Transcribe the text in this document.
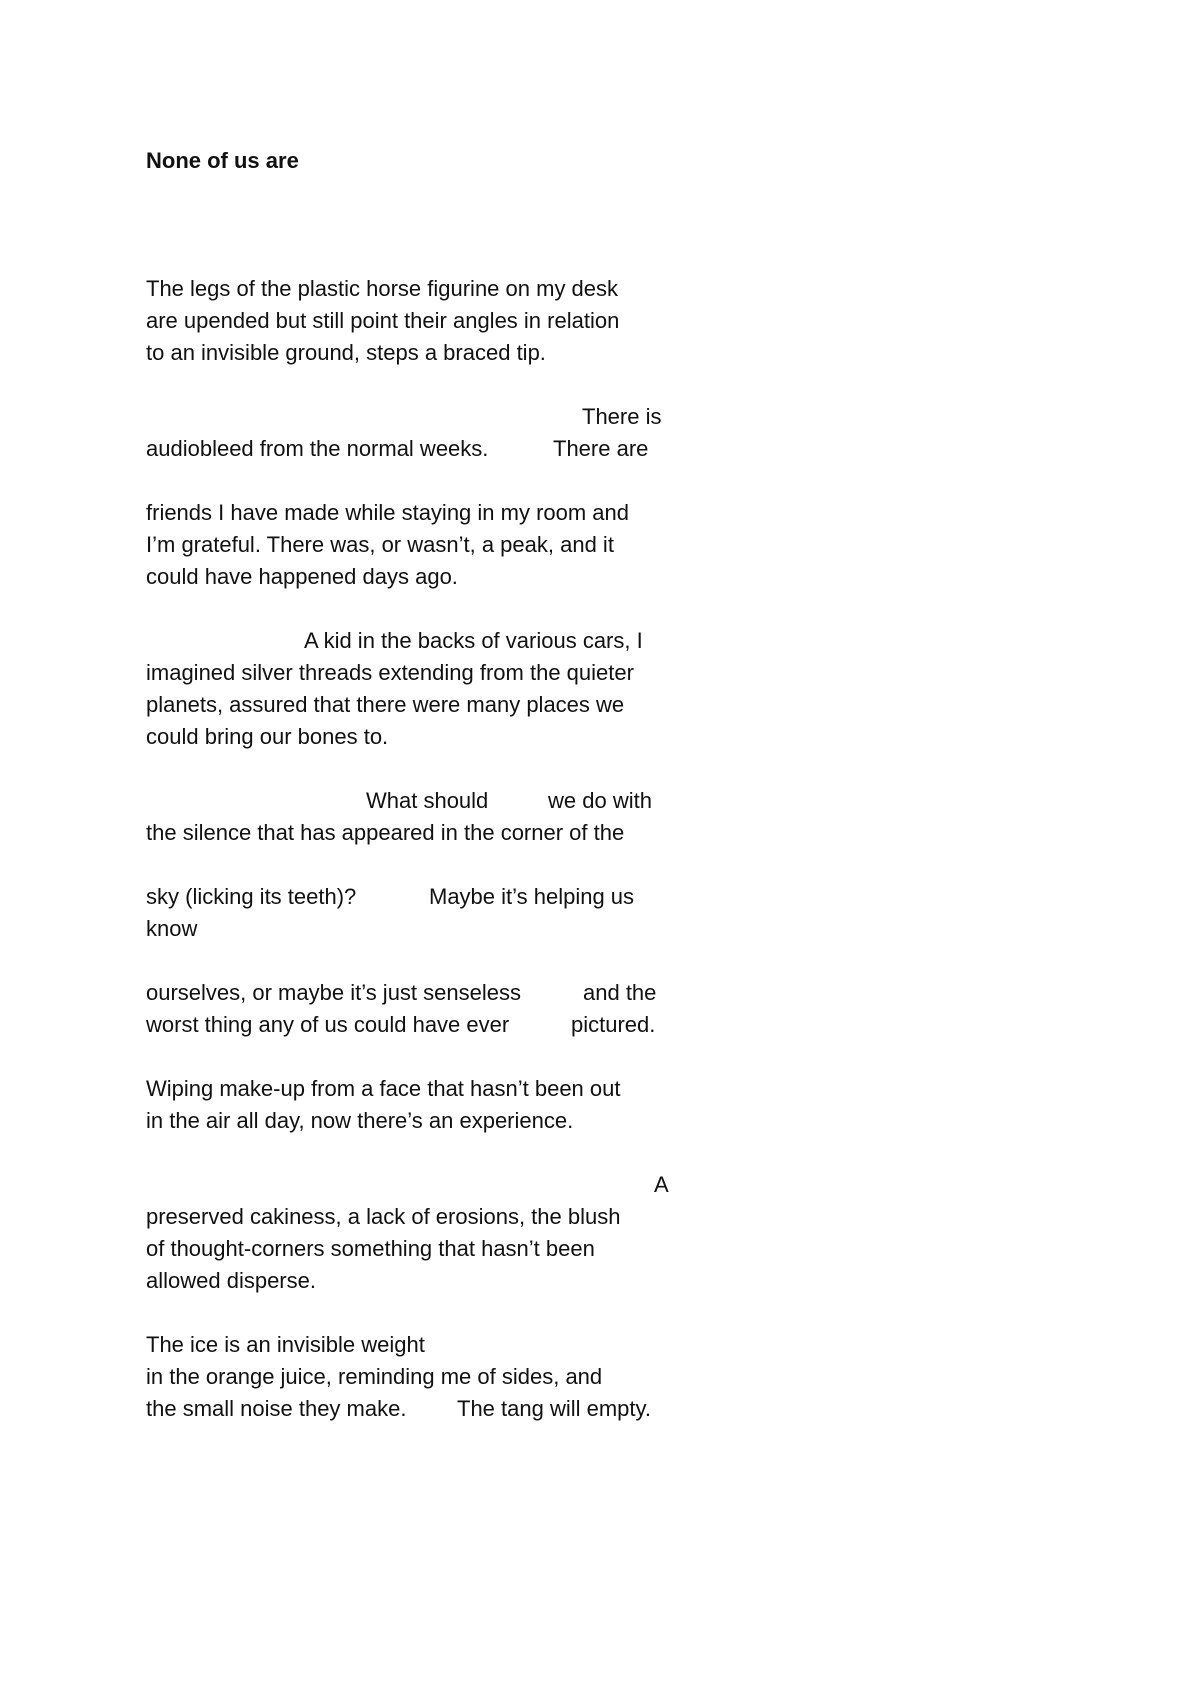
None of us are
The legs of the plastic horse figurine on my desk
are upended but still point their angles in relation
to an invisible ground, steps a braced tip.
There is
audiobleed from the normal weeks.	There are
friends I have made while staying in my room and
I’m grateful. There was, or wasn’t, a peak, and it
could have happened days ago.
A kid in the backs of various cars, I
imagined silver threads extending from the quieter
planets, assured that there were many places we
could bring our bones to.
What should	we do with
the silence that has appeared in the corner of the
sky (licking its teeth)?	Maybe it’s helping us
know
ourselves, or maybe it’s just senseless	and the
worst thing any of us could have ever	pictured.
Wiping make-up from a face that hasn’t been out
in the air all day, now there’s an experience.
A
preserved cakiness, a lack of erosions, the blush
of thought-corners something that hasn’t been
allowed disperse.
The ice is an invisible weight
in the orange juice, reminding me of sides, and
the small noise they make. The tang will empty.
